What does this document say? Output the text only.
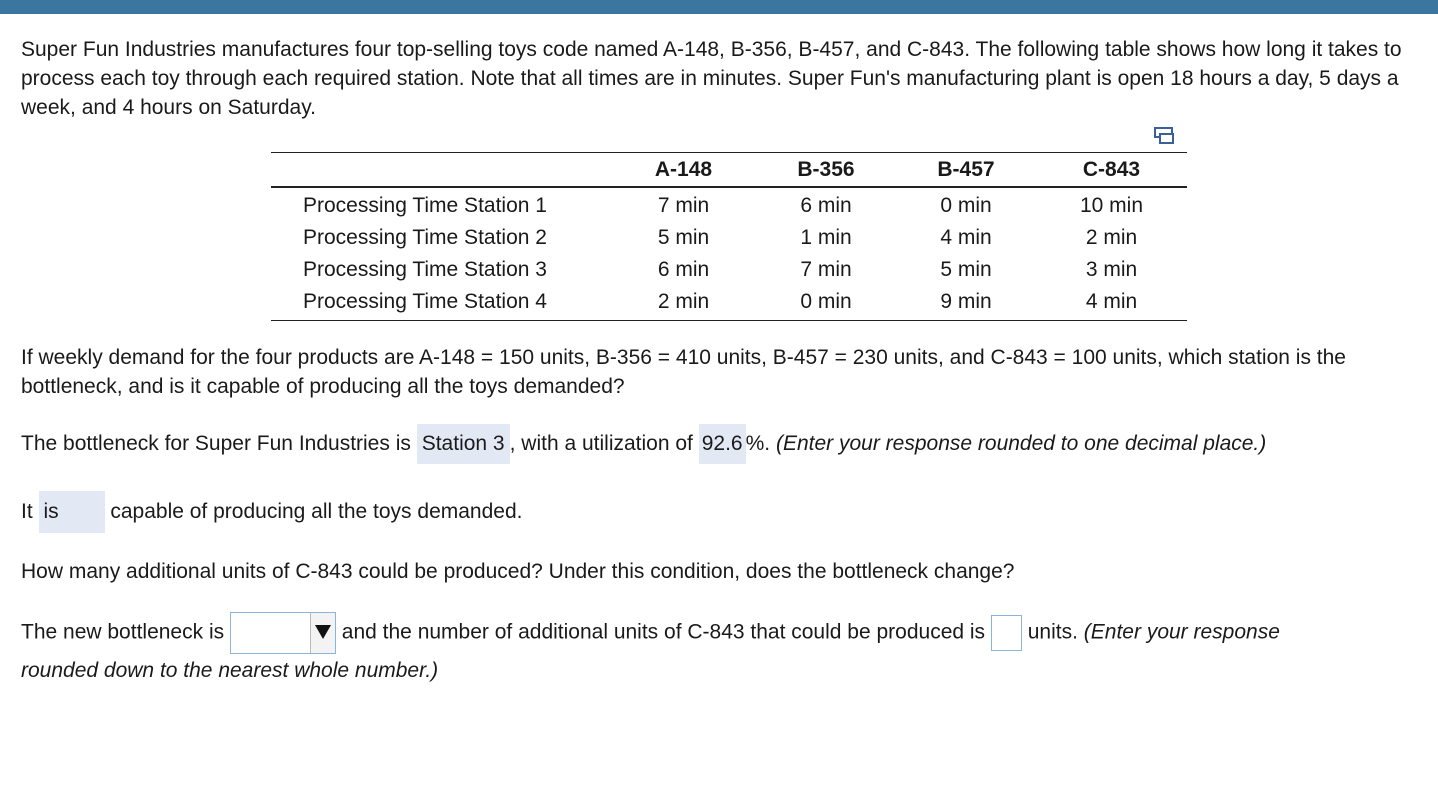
Super Fun Industries manufactures four top-selling toys code named A-148, B-356, B-457, and C-843. The following table shows how long it takes to process each toy through each required station. Note that all times are in minutes. Super Fun's manufacturing plant is open 18 hours a day, 5 days a week, and 4 hours on Saturday.

	A-148	B-356	B-457	C-843
Processing Time Station 1	7 min	6 min	0 min	10 min
Processing Time Station 2	5 min	1 min	4 min	2 min
Processing Time Station 3	6 min	7 min	5 min	3 min
Processing Time Station 4	2 min	0 min	9 min	4 min

If weekly demand for the four products are A-148 = 150 units, B-356 = 410 units, B-457 = 230 units, and C-843 = 100 units, which station is the bottleneck, and is it capable of producing all the toys demanded?

The bottleneck for Super Fun Industries is Station 3 , with a utilization of 92.6 %. (Enter your response rounded to one decimal place.)
It is capable of producing all the toys demanded.

How many additional units of C-843 could be produced? Under this condition, does the bottleneck change?

The new bottleneck is	and the number of additional units of C-843 that could be produced is units. (Enter your response
rounded down to the nearest whole number.)
